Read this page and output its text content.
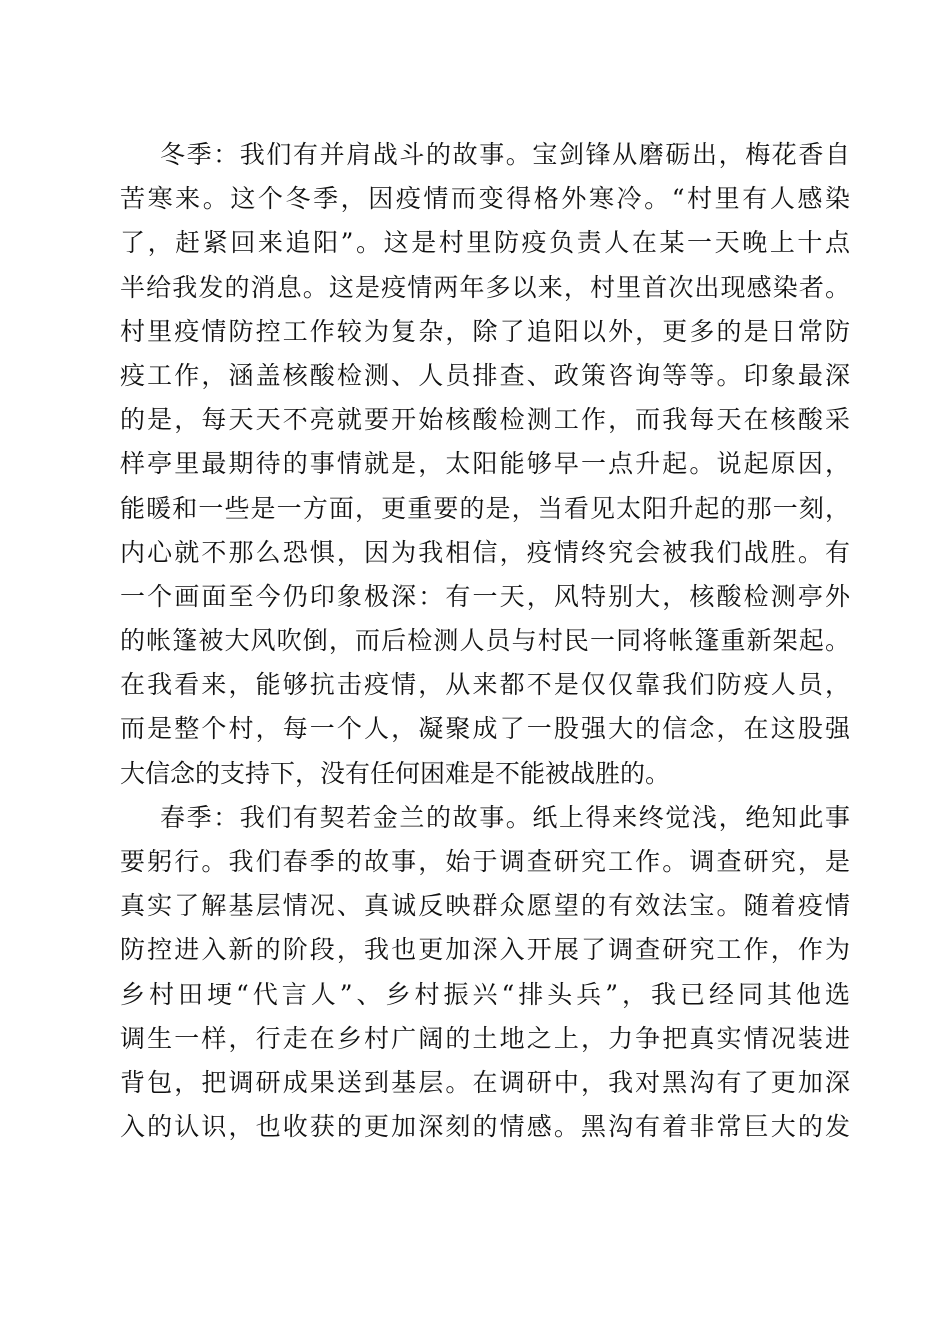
冬季：我们有并肩战斗的故事。宝剑锋从磨砺出，梅花香自
苦寒来。这个冬季，因疫情而变得格外寒冷。“村里有人感染
了，赶紧回来追阳”。这是村里防疫负责人在某一天晚上十点
半给我发的消息。这是疫情两年多以来，村里首次出现感染者。
村里疫情防控工作较为复杂，除了追阳以外，更多的是日常防
疫工作，涵盖核酸检测、人员排查、政策咨询等等。印象最深
的是，每天天不亮就要开始核酸检测工作，而我每天在核酸采
样亭里最期待的事情就是，太阳能够早一点升起。说起原因，
能暖和一些是一方面，更重要的是，当看见太阳升起的那一刻，
内心就不那么恐惧，因为我相信，疫情终究会被我们战胜。有
一个画面至今仍印象极深：有一天，风特别大，核酸检测亭外
的帐篷被大风吹倒，而后检测人员与村民一同将帐篷重新架起。
在我看来，能够抗击疫情，从来都不是仅仅靠我们防疫人员，
而是整个村，每一个人，凝聚成了一股强大的信念，在这股强
大信念的支持下，没有任何困难是不能被战胜的。
春季：我们有契若金兰的故事。纸上得来终觉浅，绝知此事
要躬行。我们春季的故事，始于调查研究工作。调查研究，是
真实了解基层情况、真诚反映群众愿望的有效法宝。随着疫情
防控进入新的阶段，我也更加深入开展了调查研究工作，作为
乡村田埂“代言人”、乡村振兴“排头兵”，我已经同其他选
调生一样，行走在乡村广阔的土地之上，力争把真实情况装进
背包，把调研成果送到基层。在调研中，我对黑沟有了更加深
入的认识，也收获的更加深刻的情感。黑沟有着非常巨大的发
